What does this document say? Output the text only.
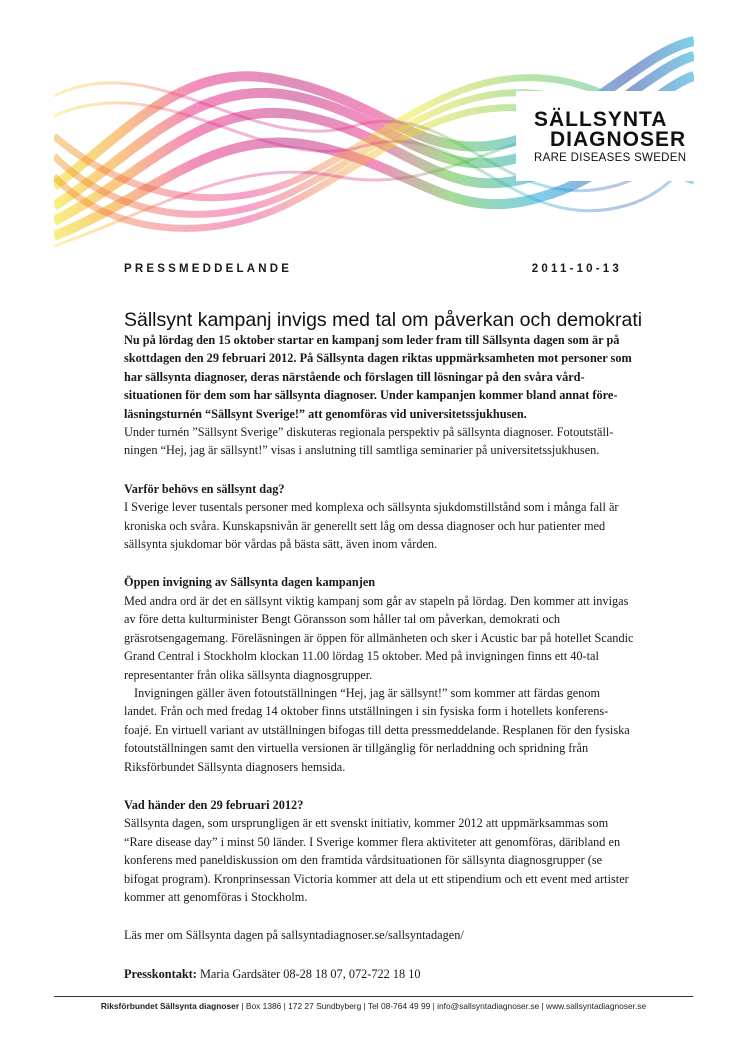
SÄLLSYNTA
DIAGNOSER
RARE DISEASES SWEDEN
PRESSMEDDELANDE	2011-10-13
Sällsynt kampanj invigs med tal om påverkan och demokrati

Nu på lördag den 15 oktober startar en kampanj som leder fram till Sällsynta dagen som är på skottdagen den 29 februari 2012. På Sällsynta dagen riktas uppmärksamheten mot personer som har sällsynta diagnoser, deras närstående och förslagen till lösningar på den svåra vård-situationen för dem som har sällsynta diagnoser. Under kampanjen kommer bland annat före-läsningsturnén “Sällsynt Sverige!” att genomföras vid universitetssjukhusen.

Under turnén ”Sällsynt Sverige” diskuteras regionala perspektiv på sällsynta diagnoser. Fotoutställ-ningen “Hej, jag är sällsynt!” visas i anslutning till samtliga seminarier på universitetssjukhusen.

Varför behövs en sällsynt dag?

I Sverige lever tusentals personer med komplexa och sällsynta sjukdomstillstånd som i många fall är kroniska och svåra. Kunskapsnivån är generellt sett låg om dessa diagnoser och hur patienter med sällsynta sjukdomar bör vårdas på bästa sätt, även inom vården.

Öppen invigning av Sällsynta dagen kampanjen

Med andra ord är det en sällsynt viktig kampanj som går av stapeln på lördag. Den kommer att invigas av före detta kulturminister Bengt Göransson som håller tal om påverkan, demokrati och gräsrotsengagemang. Föreläsningen är öppen för allmänheten och sker i Acustic bar på hotellet Scandic Grand Central i Stockholm klockan 11.00 lördag 15 oktober. Med på invigningen finns ett 40-tal representanter från olika sällsynta diagnosgrupper.

Invigningen gäller även fotoutställningen “Hej, jag är sällsynt!” som kommer att färdas genom landet. Från och med fredag 14 oktober finns utställningen i sin fysiska form i hotellets konferens-foajé. En virtuell variant av utställningen bifogas till detta pressmeddelande. Resplanen för den fysiska fotoutställningen samt den virtuella versionen är tillgänglig för nerladdning och spridning från Riksförbundet Sällsynta diagnosers hemsida.

Vad händer den 29 februari 2012?

Sällsynta dagen, som ursprungligen är ett svenskt initiativ, kommer 2012 att uppmärksammas som “Rare disease day” i minst 50 länder. I Sverige kommer flera aktiviteter att genomföras, däribland en konferens med paneldiskussion om den framtida vårdsituationen för sällsynta diagnosgrupper (se bifogat program). Kronprinsessan Victoria kommer att dela ut ett stipendium och ett event med artister kommer att genomföras i Stockholm.

Läs mer om Sällsynta dagen på sallsyntadiagnoser.se/sallsyntadagen/

Presskontakt: Maria Gardsäter 08-28 18 07, 072-722 18 10

Riksförbundet Sällsynta diagnoser | Box 1386 | 172 27 Sundbyberg | Tel 08-764 49 99 | info@sallsyntadiagnoser.se | www.sallsyntadiagnoser.se
